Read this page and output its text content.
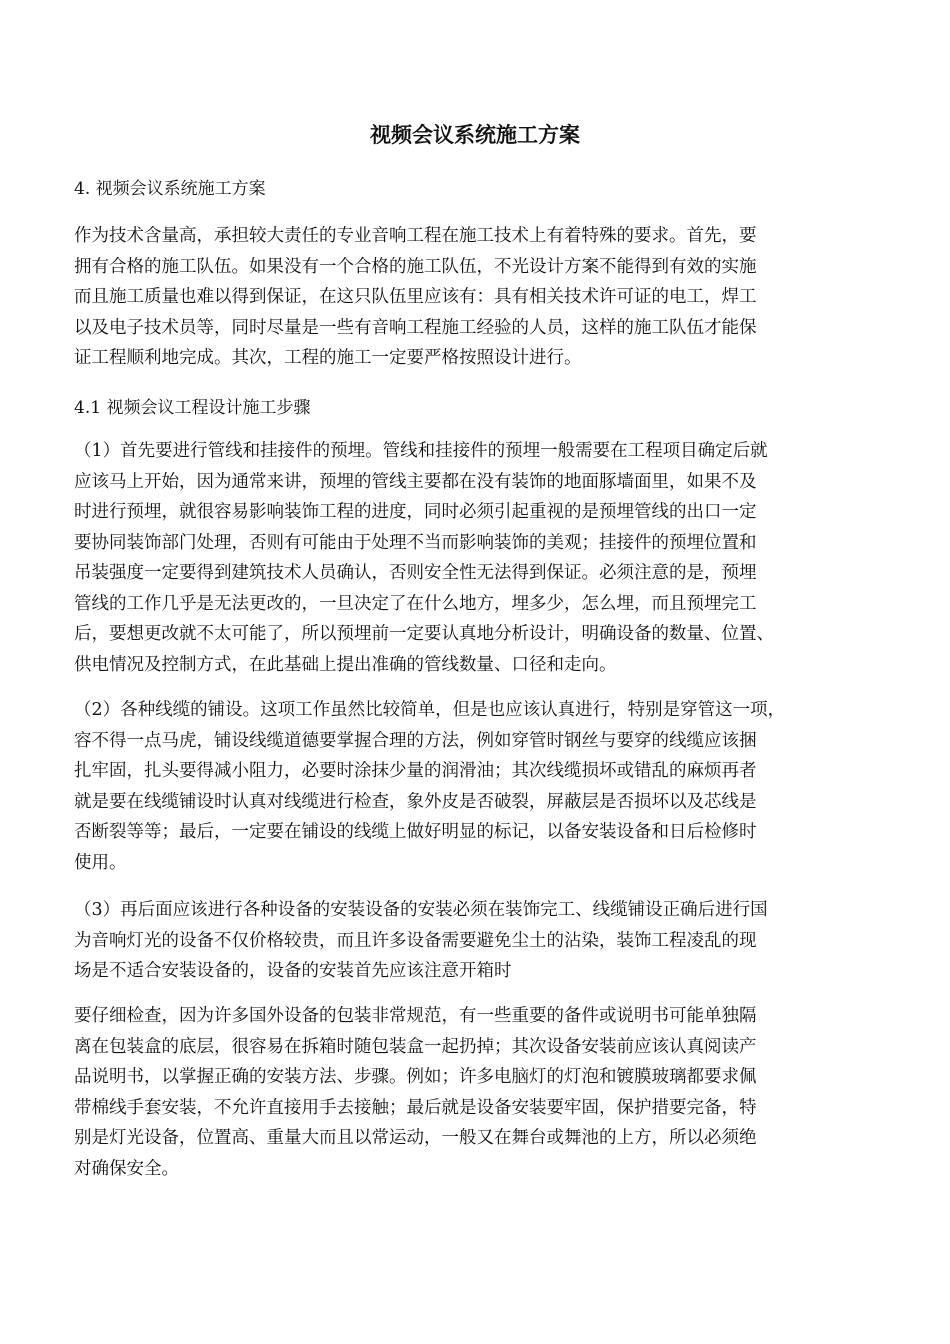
视频会议系统施工方案

4. 视频会议系统施工方案

作为技术含量高，承担较大责任的专业音响工程在施工技术上有着特殊的要求。首先，要
拥有合格的施工队伍。如果没有一个合格的施工队伍，不光设计方案不能得到有效的实施
而且施工质量也难以得到保证，在这只队伍里应该有：具有相关技术许可证的电工，焊工
以及电子技术员等，同时尽量是一些有音响工程施工经验的人员，这样的施工队伍才能保
证工程顺利地完成。其次，工程的施工一定要严格按照设计进行。

4.1 视频会议工程设计施工步骤

（1）首先要进行管线和挂接件的预埋。管线和挂接件的预埋一般需要在工程项目确定后就
应该马上开始，因为通常来讲，预埋的管线主要都在没有装饰的地面豚墙面里，如果不及
时进行预埋，就很容易影响装饰工程的进度，同时必须引起重视的是预埋管线的出口一定
要协同装饰部门处理，否则有可能由于处理不当而影响装饰的美观；挂接件的预埋位置和
吊装强度一定要得到建筑技术人员确认，否则安全性无法得到保证。必须注意的是，预埋
管线的工作几乎是无法更改的，一旦决定了在什么地方，埋多少，怎么埋，而且预埋完工
后，要想更改就不太可能了，所以预埋前一定要认真地分析设计，明确设备的数量、位置、
供电情况及控制方式，在此基础上提出准确的管线数量、口径和走向。

（2）各种线缆的铺设。这项工作虽然比较简单，但是也应该认真进行，特别是穿管这一项，
容不得一点马虎，铺设线缆道德要掌握合理的方法，例如穿管时钢丝与要穿的线缆应该捆
扎牢固，扎头要得减小阻力，必要时涂抹少量的润滑油；其次线缆损坏或错乱的麻烦再者
就是要在线缆铺设时认真对线缆进行检查，象外皮是否破裂，屏蔽层是否损坏以及芯线是
否断裂等等；最后，一定要在铺设的线缆上做好明显的标记，以备安装设备和日后检修时
使用。

（3）再后面应该进行各种设备的安装设备的安装必须在装饰完工、线缆铺设正确后进行国
为音响灯光的设备不仅价格较贵，而且许多设备需要避免尘土的沾染，装饰工程凌乱的现
场是不适合安装设备的，设备的安装首先应该注意开箱时

要仔细检查，因为许多国外设备的包装非常规范，有一些重要的备件或说明书可能单独隔
离在包装盒的底层，很容易在拆箱时随包装盒一起扔掉；其次设备安装前应该认真阅读产
品说明书，以掌握正确的安装方法、步骤。例如；许多电脑灯的灯泡和镀膜玻璃都要求佩
带棉线手套安装，不允许直接用手去接触；最后就是设备安装要牢固，保护措要完备，特
别是灯光设备，位置高、重量大而且以常运动，一般又在舞台或舞池的上方，所以必须绝
对确保安全。
